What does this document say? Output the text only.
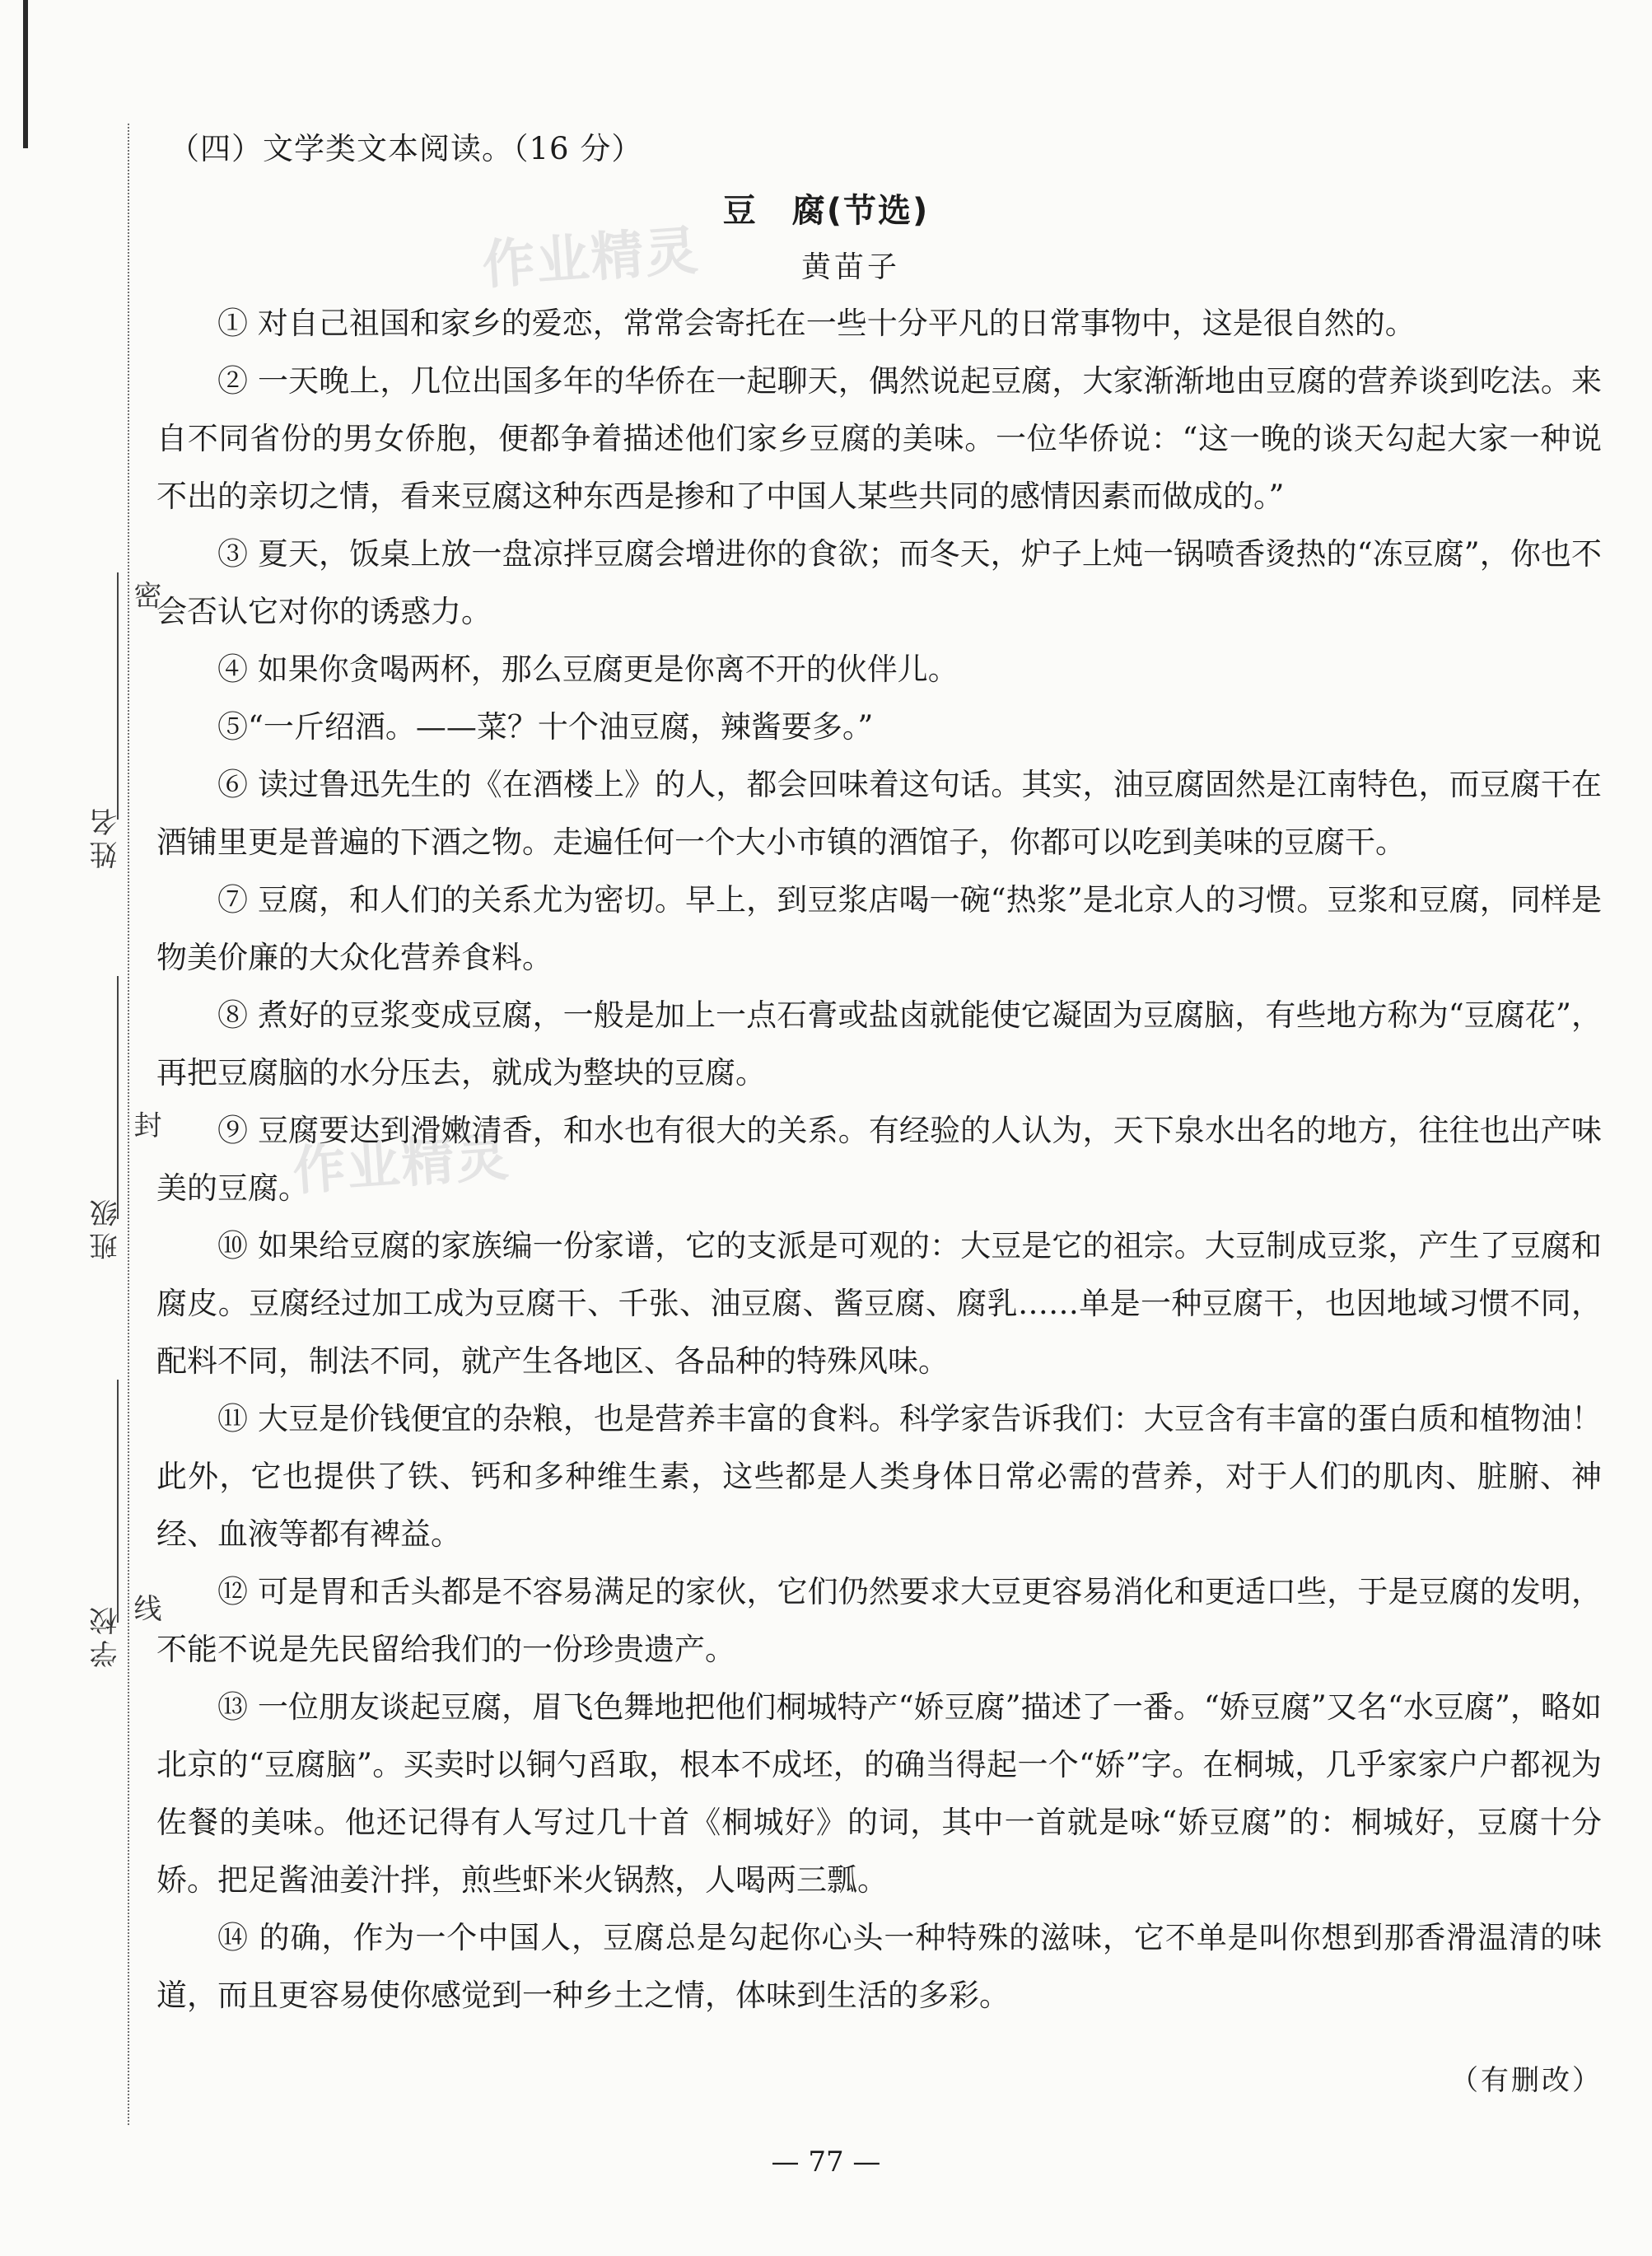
密
封
线
姓名
班级
学校
作业精灵
作业精灵
（四）文学类文本阅读。（16 分）
豆　腐(节选)
黄苗子

① 对自己祖国和家乡的爱恋，常常会寄托在一些十分平凡的日常事物中，这是很自然的。

② 一天晚上，几位出国多年的华侨在一起聊天，偶然说起豆腐，大家渐渐地由豆腐的营养谈到吃法。来自不同省份的男女侨胞，便都争着描述他们家乡豆腐的美味。一位华侨说：“这一晚的谈天勾起大家一种说不出的亲切之情，看来豆腐这种东西是掺和了中国人某些共同的感情因素而做成的。”

③ 夏天，饭桌上放一盘凉拌豆腐会增进你的食欲；而冬天，炉子上炖一锅喷香烫热的“冻豆腐”，你也不会否认它对你的诱惑力。

④ 如果你贪喝两杯，那么豆腐更是你离不开的伙伴儿。

⑤“一斤绍酒。——菜？十个油豆腐，辣酱要多。”

⑥ 读过鲁迅先生的《在酒楼上》的人，都会回味着这句话。其实，油豆腐固然是江南特色，而豆腐干在酒铺里更是普遍的下酒之物。走遍任何一个大小市镇的酒馆子，你都可以吃到美味的豆腐干。

⑦ 豆腐，和人们的关系尤为密切。早上，到豆浆店喝一碗“热浆”是北京人的习惯。豆浆和豆腐，同样是物美价廉的大众化营养食料。

⑧ 煮好的豆浆变成豆腐，一般是加上一点石膏或盐卤就能使它凝固为豆腐脑，有些地方称为“豆腐花”，再把豆腐脑的水分压去，就成为整块的豆腐。

⑨ 豆腐要达到滑嫩清香，和水也有很大的关系。有经验的人认为，天下泉水出名的地方，往往也出产味美的豆腐。

⑩ 如果给豆腐的家族编一份家谱，它的支派是可观的：大豆是它的祖宗。大豆制成豆浆，产生了豆腐和腐皮。豆腐经过加工成为豆腐干、千张、油豆腐、酱豆腐、腐乳……单是一种豆腐干，也因地域习惯不同，配料不同，制法不同，就产生各地区、各品种的特殊风味。

⑪ 大豆是价钱便宜的杂粮，也是营养丰富的食料。科学家告诉我们：大豆含有丰富的蛋白质和植物油！此外，它也提供了铁、钙和多种维生素，这些都是人类身体日常必需的营养，对于人们的肌肉、脏腑、神经、血液等都有裨益。

⑫ 可是胃和舌头都是不容易满足的家伙，它们仍然要求大豆更容易消化和更适口些，于是豆腐的发明，不能不说是先民留给我们的一份珍贵遗产。

⑬ 一位朋友谈起豆腐，眉飞色舞地把他们桐城特产“娇豆腐”描述了一番。“娇豆腐”又名“水豆腐”，略如北京的“豆腐脑”。买卖时以铜勺舀取，根本不成坯，的确当得起一个“娇”字。在桐城，几乎家家户户都视为佐餐的美味。他还记得有人写过几十首《桐城好》的词，其中一首就是咏“娇豆腐”的：桐城好，豆腐十分娇。把足酱油姜汁拌，煎些虾米火锅熬，人喝两三瓢。

⑭ 的确，作为一个中国人，豆腐总是勾起你心头一种特殊的滋味，它不单是叫你想到那香滑温清的味道，而且更容易使你感觉到一种乡土之情，体味到生活的多彩。

（有删改）
— 77 —
